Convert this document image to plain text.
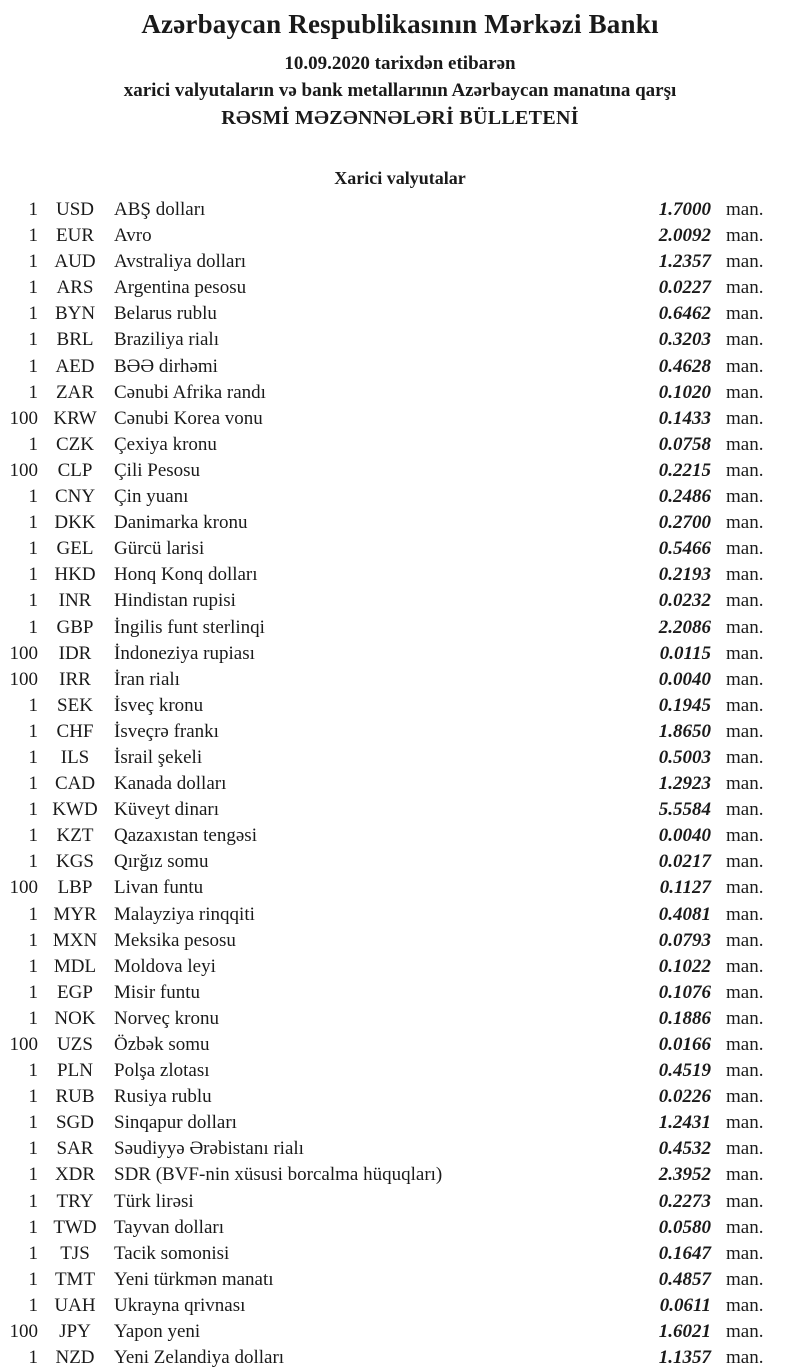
Azərbaycan Respublikasının Mərkəzi Bankı
10.09.2020 tarixdən etibarən
xarici valyutaların və bank metallarının Azərbaycan manatına qarşı
RƏSMİ MƏZƏNNƏLƏRİ BÜLLETENİ
Xarici valyutalar
1 USD	ABŞ dolları	1.7000 man.
1 EUR	Avro	2.0092 man.
1 AUD Avstraliya dolları	1.2357 man.
1 ARS	Argentina pesosu	0.0227 man.
1 BYN Belarus rublu	0.6462 man.
1 BRL	Braziliya rialı	0.3203 man.
1 AED	BƏƏ dirhəmi	0.4628 man.
1 ZAR	Cənubi Afrika randı	0.1020 man.
100 KRW Cənubi Korea vonu	0.1433 man.
1 CZK	Çexiya kronu	0.0758 man.
100	CLP	Çili Pesosu	0.2215 man.
1 CNY Çin yuanı	0.2486 man.
1 DKK Danimarka kronu	0.2700 man.
1 GEL	Gürcü larisi	0.5466 man.
1 HKD Honq Konq dolları	0.2193 man.
1	INR	Hindistan rupisi	0.0232 man.
1 GBP	İngilis funt sterlinqi	2.2086 man.
100	IDR	İndoneziya rupiası	0.0115 man.
100	IRR	İran rialı	0.0040 man.
1	SEK	İsveç kronu	0.1945 man.
1 CHF	İsveçrə frankı	1.8650 man.
1	ILS	İsrail şekeli	0.5003 man.
1 CAD Kanada dolları	1.2923 man.
1 KWD Küveyt dinarı	5.5584 man.
1 KZT	Qazaxıstan tengəsi	0.0040 man.
1 KGS	Qırğız somu	0.0217 man.
100	LBP	Livan funtu	0.1127 man.
1 MYR Malayziya rinqqiti	0.4081 man.
1 MXN Meksika pesosu	0.0793 man.
1 MDL Moldova leyi	0.1022 man.
1	EGP	Misir funtu	0.1076 man.
1 NOK Norveç kronu	0.1886 man.
100	UZS	Özbək somu	0.0166 man.
1	PLN	Polşa zlotası	0.4519 man.
1 RUB	Rusiya rublu	0.0226 man.
1 SGD	Sinqapur dolları	1.2431 man.
1 SAR	Səudiyyə Ərəbistanı rialı	0.4532 man.
1 XDR SDR (BVF-nin xüsusi borcalma hüquqları)	2.3952 man.
1 TRY	Türk lirəsi	0.2273 man.
1 TWD Tayvan dolları	0.0580 man.
1	TJS	Tacik somonisi	0.1647 man.
1 TMT Yeni türkmən manatı	0.4857 man.
1 UAH Ukrayna qrivnası	0.0611 man.
100	JPY	Yapon yeni	1.6021 man.
1 NZD	Yeni Zelandiya dolları	1.1357 man.
